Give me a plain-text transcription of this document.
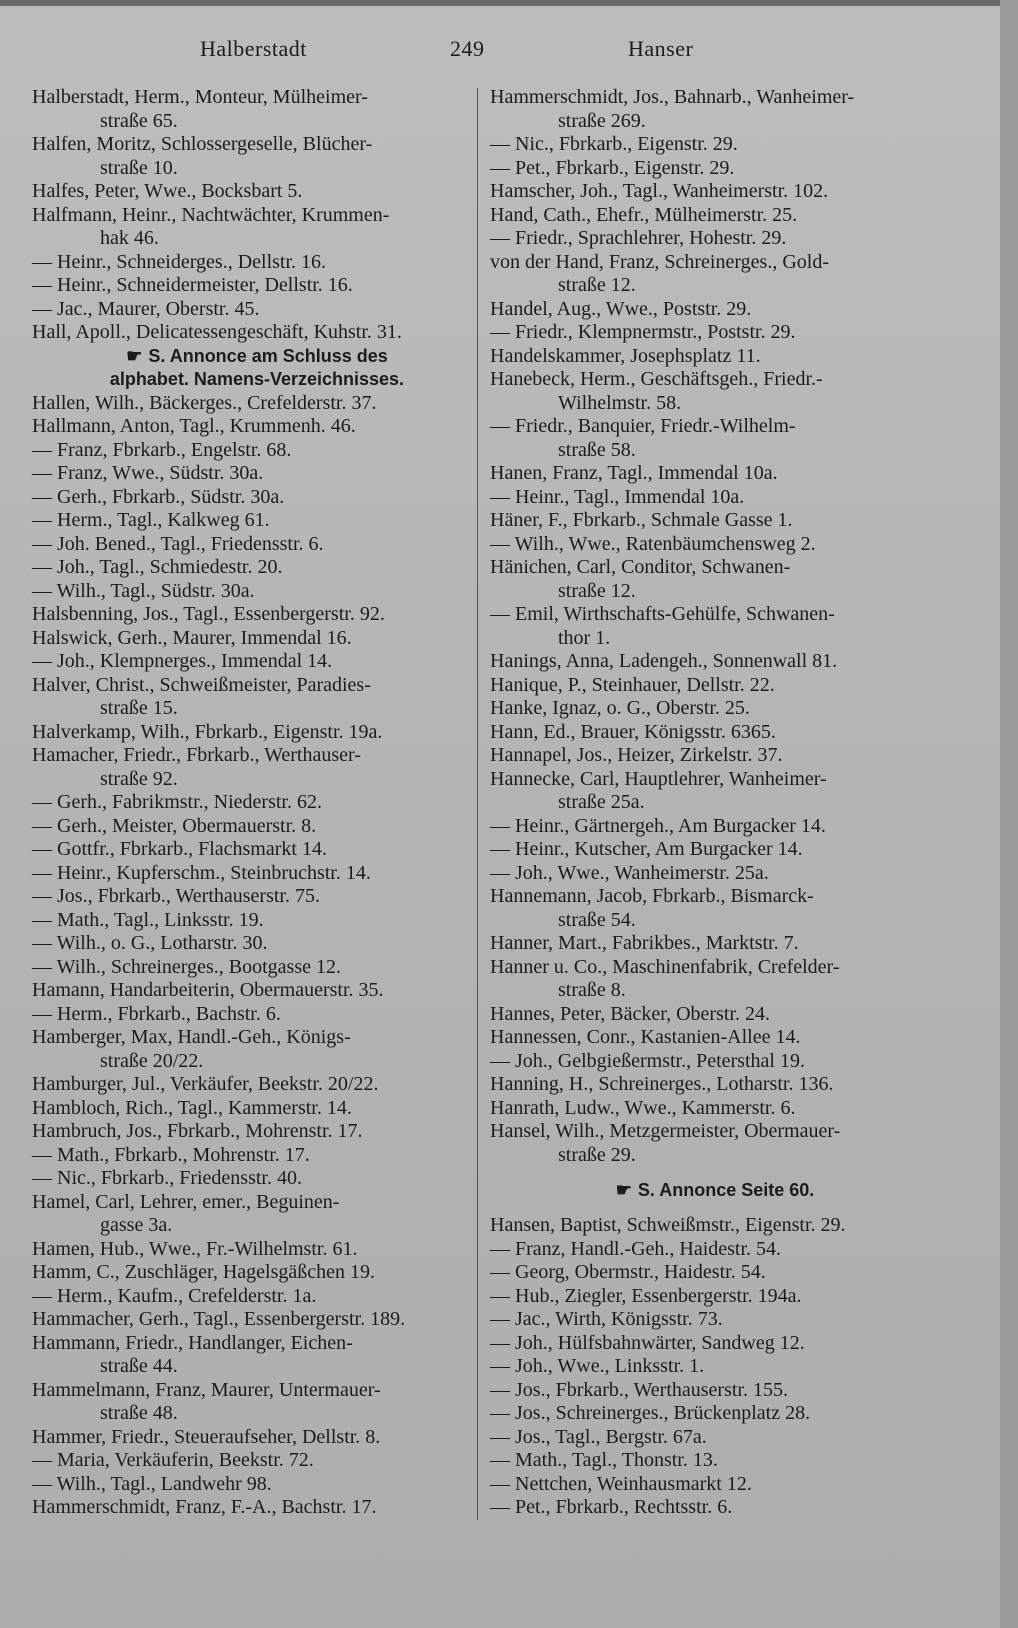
Halberstadt	249	Hanser
Halberstadt, Herm., Monteur, Mülheimer-
straße 65.
Halfen, Moritz, Schlossergeselle, Blücher-
straße 10.
Halfes, Peter, Wwe., Bocksbart 5.
Halfmann, Heinr., Nachtwächter, Krummen-
hak 46.
— Heinr., Schneiderges., Dellstr. 16.
— Heinr., Schneidermeister, Dellstr. 16.
— Jac., Maurer, Oberstr. 45.
Hall, Apoll., Delicatessengeschäft, Kuhstr. 31.
☛ S. Annonce am Schluss des
alphabet. Namens-Verzeichnisses.
Hallen, Wilh., Bäckerges., Crefelderstr. 37.
Hallmann, Anton, Tagl., Krummenh. 46.
— Franz, Fbrkarb., Engelstr. 68.
— Franz, Wwe., Südstr. 30a.
— Gerh., Fbrkarb., Südstr. 30a.
— Herm., Tagl., Kalkweg 61.
— Joh. Bened., Tagl., Friedensstr. 6.
— Joh., Tagl., Schmiedestr. 20.
— Wilh., Tagl., Südstr. 30a.
Halsbenning, Jos., Tagl., Essenbergerstr. 92.
Halswick, Gerh., Maurer, Immendal 16.
— Joh., Klempnerges., Immendal 14.
Halver, Christ., Schweißmeister, Paradies-
straße 15.
Halverkamp, Wilh., Fbrkarb., Eigenstr. 19a.
Hamacher, Friedr., Fbrkarb., Werthauser-
straße 92.
— Gerh., Fabrikmstr., Niederstr. 62.
— Gerh., Meister, Obermauerstr. 8.
— Gottfr., Fbrkarb., Flachsmarkt 14.
— Heinr., Kupferschm., Steinbruchstr. 14.
— Jos., Fbrkarb., Werthauserstr. 75.
— Math., Tagl., Linksstr. 19.
— Wilh., o. G., Lotharstr. 30.
— Wilh., Schreinerges., Bootgasse 12.
Hamann, Handarbeiterin, Obermauerstr. 35.
— Herm., Fbrkarb., Bachstr. 6.
Hamberger, Max, Handl.-Geh., Königs-
straße 20/22.
Hamburger, Jul., Verkäufer, Beekstr. 20/22.
Hambloch, Rich., Tagl., Kammerstr. 14.
Hambruch, Jos., Fbrkarb., Mohrenstr. 17.
— Math., Fbrkarb., Mohrenstr. 17.
— Nic., Fbrkarb., Friedensstr. 40.
Hamel, Carl, Lehrer, emer., Beguinen-
gasse 3a.
Hamen, Hub., Wwe., Fr.-Wilhelmstr. 61.
Hamm, C., Zuschläger, Hagelsgäßchen 19.
— Herm., Kaufm., Crefelderstr. 1a.
Hammacher, Gerh., Tagl., Essenbergerstr. 189.
Hammann, Friedr., Handlanger, Eichen-
straße 44.
Hammelmann, Franz, Maurer, Untermauer-
straße 48.
Hammer, Friedr., Steueraufseher, Dellstr. 8.
— Maria, Verkäuferin, Beekstr. 72.
— Wilh., Tagl., Landwehr 98.
Hammerschmidt, Franz, F.-A., Bachstr. 17.
Hammerschmidt, Jos., Bahnarb., Wanheimer-
straße 269.
— Nic., Fbrkarb., Eigenstr. 29.
— Pet., Fbrkarb., Eigenstr. 29.
Hamscher, Joh., Tagl., Wanheimerstr. 102.
Hand, Cath., Ehefr., Mülheimerstr. 25.
— Friedr., Sprachlehrer, Hohestr. 29.
von der Hand, Franz, Schreinerges., Gold-
straße 12.
Handel, Aug., Wwe., Poststr. 29.
— Friedr., Klempnermstr., Poststr. 29.
Handelskammer, Josephsplatz 11.
Hanebeck, Herm., Geschäftsgeh., Friedr.-
Wilhelmstr. 58.
— Friedr., Banquier, Friedr.-Wilhelm-
straße 58.
Hanen, Franz, Tagl., Immendal 10a.
— Heinr., Tagl., Immendal 10a.
Häner, F., Fbrkarb., Schmale Gasse 1.
— Wilh., Wwe., Ratenbäumchensweg 2.
Hänichen, Carl, Conditor, Schwanen-
straße 12.
— Emil, Wirthschafts-Gehülfe, Schwanen-
thor 1.
Hanings, Anna, Ladengeh., Sonnenwall 81.
Hanique, P., Steinhauer, Dellstr. 22.
Hanke, Ignaz, o. G., Oberstr. 25.
Hann, Ed., Brauer, Königsstr. 6365.
Hannapel, Jos., Heizer, Zirkelstr. 37.
Hannecke, Carl, Hauptlehrer, Wanheimer-
straße 25a.
— Heinr., Gärtnergeh., Am Burgacker 14.
— Heinr., Kutscher, Am Burgacker 14.
— Joh., Wwe., Wanheimerstr. 25a.
Hannemann, Jacob, Fbrkarb., Bismarck-
straße 54.
Hanner, Mart., Fabrikbes., Marktstr. 7.
Hanner u. Co., Maschinenfabrik, Crefelder-
straße 8.
Hannes, Peter, Bäcker, Oberstr. 24.
Hannessen, Conr., Kastanien-Allee 14.
— Joh., Gelbgießermstr., Petersthal 19.
Hanning, H., Schreinerges., Lotharstr. 136.
Hanrath, Ludw., Wwe., Kammerstr. 6.
Hansel, Wilh., Metzgermeister, Obermauer-
straße 29.
☛ S. Annonce Seite 60.
Hansen, Baptist, Schweißmstr., Eigenstr. 29.
— Franz, Handl.-Geh., Haidestr. 54.
— Georg, Obermstr., Haidestr. 54.
— Hub., Ziegler, Essenbergerstr. 194a.
— Jac., Wirth, Königsstr. 73.
— Joh., Hülfsbahnwärter, Sandweg 12.
— Joh., Wwe., Linksstr. 1.
— Jos., Fbrkarb., Werthauserstr. 155.
— Jos., Schreinerges., Brückenplatz 28.
— Jos., Tagl., Bergstr. 67a.
— Math., Tagl., Thonstr. 13.
— Nettchen, Weinhausmarkt 12.
— Pet., Fbrkarb., Rechtsstr. 6.
